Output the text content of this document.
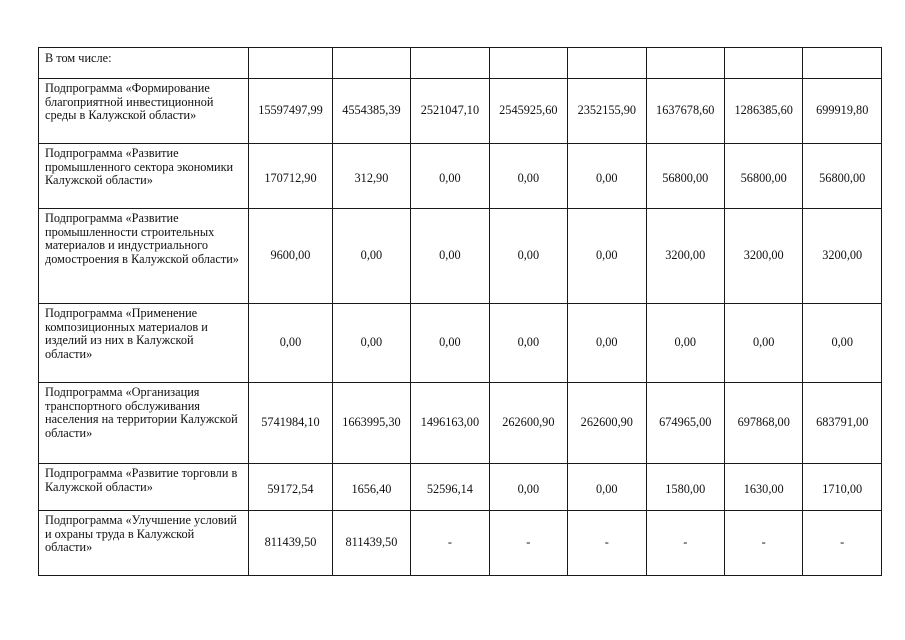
В том числе:								
Подпрограмма «Формирование благоприятной инвестиционной среды в Калужской области»	15597497,99	4554385,39	2521047,10	2545925,60	2352155,90	1637678,60	1286385,60	699919,80
Подпрограмма «Развитие промышленного сектора экономики Калужской области»	170712,90	312,90	0,00	0,00	0,00	56800,00	56800,00	56800,00
Подпрограмма «Развитие промышленности строительных материалов и индустриального домостроения в Калужской области»	9600,00	0,00	0,00	0,00	0,00	3200,00	3200,00	3200,00
Подпрограмма «Применение композиционных материалов и изделий из них в Калужской области»	0,00	0,00	0,00	0,00	0,00	0,00	0,00	0,00
Подпрограмма «Организация транспортного обслуживания населения на территории Калужской области»	5741984,10	1663995,30	1496163,00	262600,90	262600,90	674965,00	697868,00	683791,00
Подпрограмма «Развитие торговли в Калужской области»	59172,54	1656,40	52596,14	0,00	0,00	1580,00	1630,00	1710,00
Подпрограмма «Улучшение условий и охраны труда в Калужской области»	811439,50	811439,50	-	-	-	-	-	-
